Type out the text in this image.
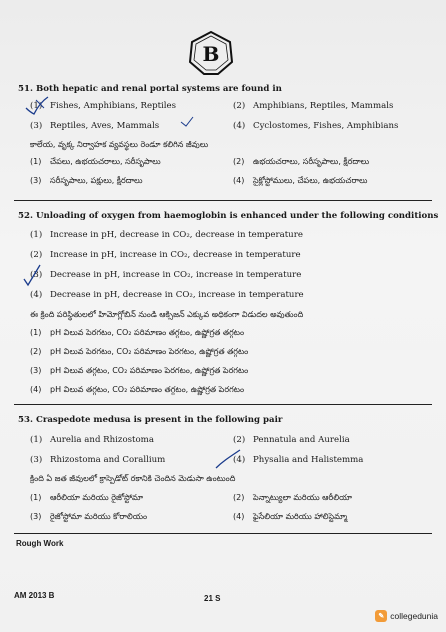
B
51. Both hepatic and renal portal systems are found in
(1) Fishes, Amphibians, Reptiles	(2) Amphibians, Reptiles, Mammals
(3) Reptiles, Aves, Mammals	(4) Cyclostomes, Fishes, Amphibians
కాలేయ, వృక్క నిర్వాహక వ్యవస్థలు రెండూ కలిగిన జీవులు
(1) చేపలు, ఉభయచరాలు, సరీసృపాలు	(2) ఉభయచరాలు, సరీసృపాలు, క్షీరదాలు
(3) సరీసృపాలు, పక్షులు, క్షీరదాలు	(4) సైక్లోస్టోములు, చేపలు, ఉభయచరాలు
52. Unloading of oxygen from haemoglobin is enhanced under the following conditions
(1) Increase in pH, decrease in CO₂, decrease in temperature
(2) Increase in pH, increase in CO₂, decrease in temperature
(3) Decrease in pH, increase in CO₂, increase in temperature
(4) Decrease in pH, decrease in CO₂, increase in temperature
ఈ క్రింది పరిస్థితులలో హిమోగ్లోబిన్ నుండి ఆక్సిజన్ ఎక్కువ అధికంగా విడుదల అవుతుంది
(1) pH విలువ పెరగటం, CO₂ పరిమాణం తగ్గటం, ఉష్ణోగ్రత తగ్గటం
(2) pH విలువ పెరగటం, CO₂ పరిమాణం పెరగటం, ఉష్ణోగ్రత తగ్గటం
(3) pH విలువ తగ్గటం, CO₂ పరిమాణం పెరగటం, ఉష్ణోగ్రత పెరగటం
(4) pH విలువ తగ్గటం, CO₂ పరిమాణం తగ్గటం, ఉష్ణోగ్రత పెరగటం
53. Craspedote medusa is present in the following pair
(1) Aurelia and Rhizostoma	(2) Pennatula and Aurelia
(3) Rhizostoma and Corallium	(4) Physalia and Halistemma
క్రింది ఏ జత జీవులలో క్రాస్పెడోట్ రకానికి చెందిన మెడుసా ఉంటుంది
(1) ఆరీలియా మరియు రైజోస్టోమా	(2) పెన్నాట్యులా మరియు ఆరీలియా
(3) రైజోస్టోమా మరియు కోరాలియం	(4) ఫైసేలియా మరియు హాలిస్టెమ్మా
Rough Work
AM 2013 B	21 S
✎ collegedunia
